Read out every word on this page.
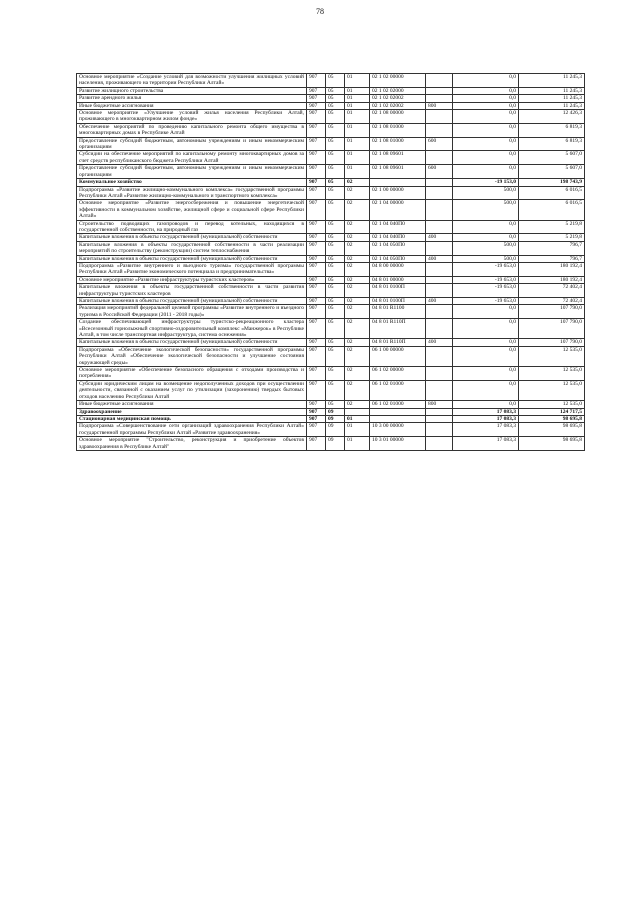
78
Основное мероприятие «Создание условий для возможности улучшения жилищных условий населения, проживающего на территории Республики Алтай»	907	05	01	02 1 02 00000		0,0	11 245,3
Развитие жилищного строительства	907	05	01	02 1 02 02000		0,0	11 245,3
Развитие арендного жилья	907	05	01	02 1 02 02002		0,0	11 245,3
Иные бюджетные ассигнования	907	05	01	02 1 02 02002	800	0,0	11 245,3
Основное мероприятие «Улучшение условий жилья населения Республики Алтай, проживающего в многоквартирном жилом фонде»	907	05	01	02 1 08 00000		0,0	12 426,3
Обеспечение мероприятий по проведению капитального ремонта общего имущества в многоквартирных домах в Республике Алтай	907	05	01	02 1 08 01000		0,0	6 819,3
Предоставление субсидий бюджетным, автономным учреждениям и иным некоммерческим организациям	907	05	01	02 1 08 01000	600	0,0	6 819,3
Субсидии на обеспечение мероприятий по капитальному ремонту многоквартирных домов за счет средств республиканского бюджета Республики Алтай	907	05	01	02 1 08 09601		0,0	5 607,0
Предоставление субсидий бюджетным, автономным учреждениям и иным некоммерческим организациям	907	05	01	02 1 08 09601	600	0,0	5 607,0
Коммунальное хозяйство	907	05	02			-19 153,0	198 743,9
Подпрограмма «Развитие жилищно-коммунального комплекса» государственной программы Республики Алтай «Развитие жилищно-коммунального и транспортного комплекса»	907	05	02	02 1 00 00000		500,0	6 016,5
Основное мероприятие «Развитие энергосбережения и повышение энергетической эффективности в коммунальном хозяйстве, жилищной сфере и социальной сфере Республики Алтай»	907	05	02	02 1 04 00000		500,0	6 016,5
Строительство подводящих газопроводов и перевод котельных, находящихся в государственной собственности, на природный газ	907	05	02	02 1 04 040П0		0,0	5 219,8
Капитальные вложения в объекты государственной (муниципальной) собственности	907	05	02	02 1 04 040П0	400	0,0	5 219,8
Капитальные вложения в объекты государственной собственности в части реализации мероприятий по строительству (реконструкции) систем теплоснабжения	907	05	02	02 1 04 050П0		500,0	796,7
Капитальные вложения в объекты государственной (муниципальной) собственности	907	05	02	02 1 04 050П0	400	500,0	796,7
Подпрограмма «Развитие внутреннего и въездного туризма» государственной программы Республики Алтай «Развитие экономического потенциала и предпринимательства»	907	05	02	04 8 00 00000		-19 653,0	180 192,4
Основное мероприятие «Развитие инфраструктуры туристских кластеров»	907	05	02	04 8 01 00000		-19 653,0	180 192,4
Капитальные вложения в объекты государственной собственности в части развития инфраструктуры туристских кластеров	907	05	02	04 8 01 0100П		-19 653,0	72 402,4
Капитальные вложения в объекты государственной (муниципальной) собственности	907	05	02	04 8 01 0100П	400	-19 653,0	72 402,4
Реализация мероприятий федеральной целевой программы «Развитие внутреннего и въездного туризма в Российской Федерации (2011 - 2018 годы)»	907	05	02	04 8 01 R1100		0,0	107 790,0
Создание обеспечивающей инфраструктуры туристско-рекреационного кластера «Всесезонный горнолыжный спортивно-оздоровительный комплекс «Манжерок» в Республике Алтай, в том числе транспортная инфраструктура, система оснежения»	907	05	02	04 8 01 R110П		0,0	107 790,0
Капитальные вложения в объекты государственной (муниципальной) собственности	907	05	02	04 8 01 R110П	400	0,0	107 790,0
Подпрограмма «Обеспечение экологической безопасности» государственной программы Республики Алтай «Обеспечение экологической безопасности и улучшение состояния окружающей среды»	907	05	02	06 1 00 00000		0,0	12 535,0
Основное мероприятие «Обеспечение безопасного обращения с отходами производства и потребления»	907	05	02	06 1 02 00000		0,0	12 535,0
Субсидии юридическим лицам на возмещение недополученных доходов при осуществлении деятельности, связанной с оказанием услуг по утилизации (захоронению) твердых бытовых отходов населению Республики Алтай	907	05	02	06 1 02 01000		0,0	12 535,0
Иные бюджетные ассигнования	907	05	02	06 1 02 01000	800	0,0	12 535,0
Здравоохранение	907	09				17 083,3	124 717,5
Стационарная медицинская помощь	907	09	01			17 083,3	98 695,8
Подпрограмма «Совершенствование сети организаций здравоохранения Республики Алтай» государственной программы Республики Алтай «Развитие здравоохранения»	907	09	01	10 3 00 00000		17 083,3	98 695,8
Основное мероприятие "Строительство, реконструкция и приобретение объектов здравоохранения в Республике Алтай"	907	09	01	10 3 01 00000		17 083,3	98 695,8
